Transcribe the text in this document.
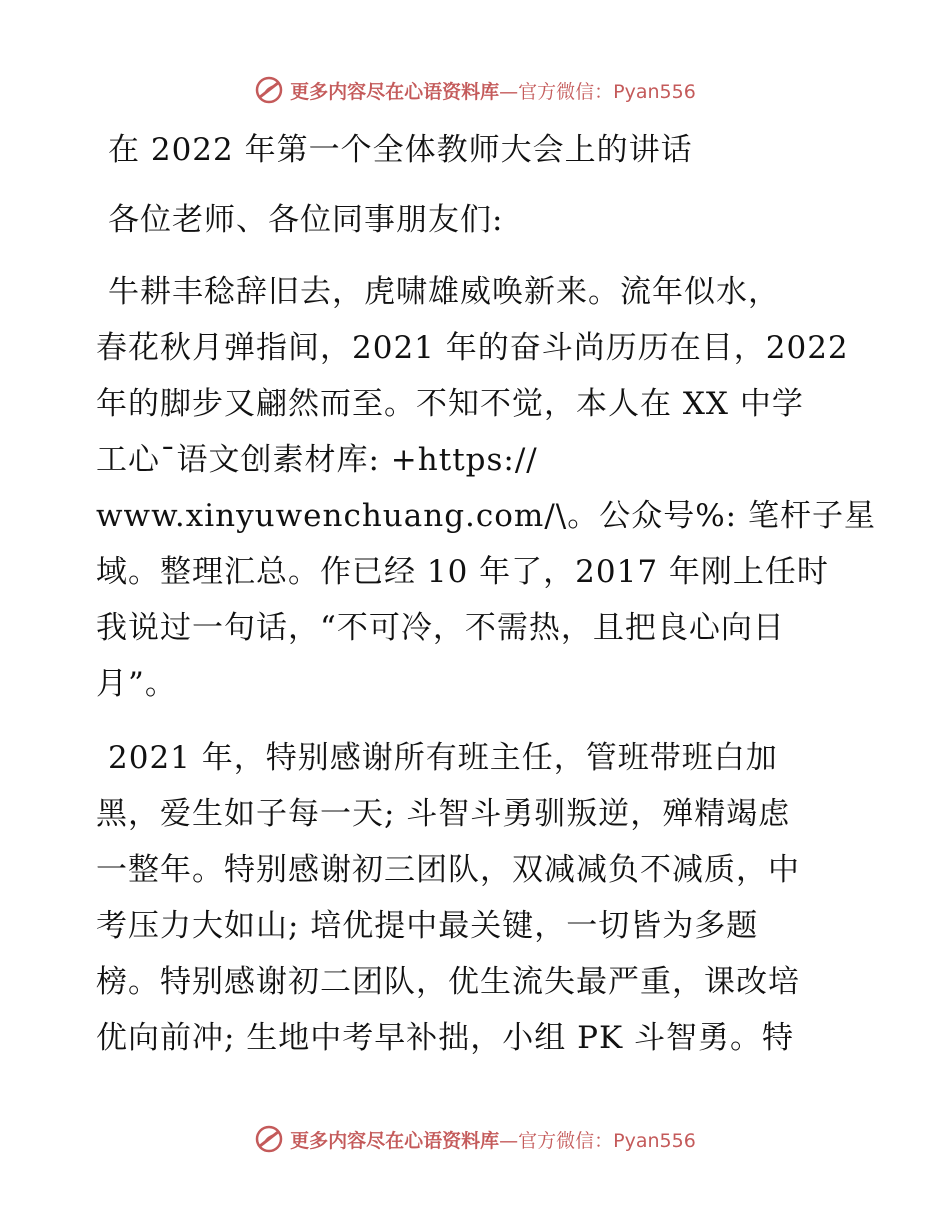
更多内容尽在心语资料库 —官方微信：Pyan556
在 2022 年第一个全体教师大会上的讲话
各位老师、各位同事朋友们:
牛耕丰稔辞旧去，虎啸雄威唤新来。流年似水，
春花秋月弹指间，2021 年的奋斗尚历历在目，2022
年的脚步又翩然而至。不知不觉，本人在 XX 中学
工心¯语文创素材库: +https://
www.xinyuwenchuang.com/\。公众号%: 笔杆子星
域。整理汇总。作已经 10 年了，2017 年刚上任时
我说过一句话，“不可冷，不需热，且把良心向日
月”。
2021 年，特别感谢所有班主任，管班带班白加
黑，爱生如子每一天; 斗智斗勇驯叛逆，殚精竭虑
一整年。特别感谢初三团队，双减减负不减质，中
考压力大如山; 培优提中最关键，一切皆为多题
榜。特别感谢初二团队，优生流失最严重，课改培
优向前冲; 生地中考早补拙，小组 PK 斗智勇。特
更多内容尽在心语资料库 —官方微信：Pyan556
